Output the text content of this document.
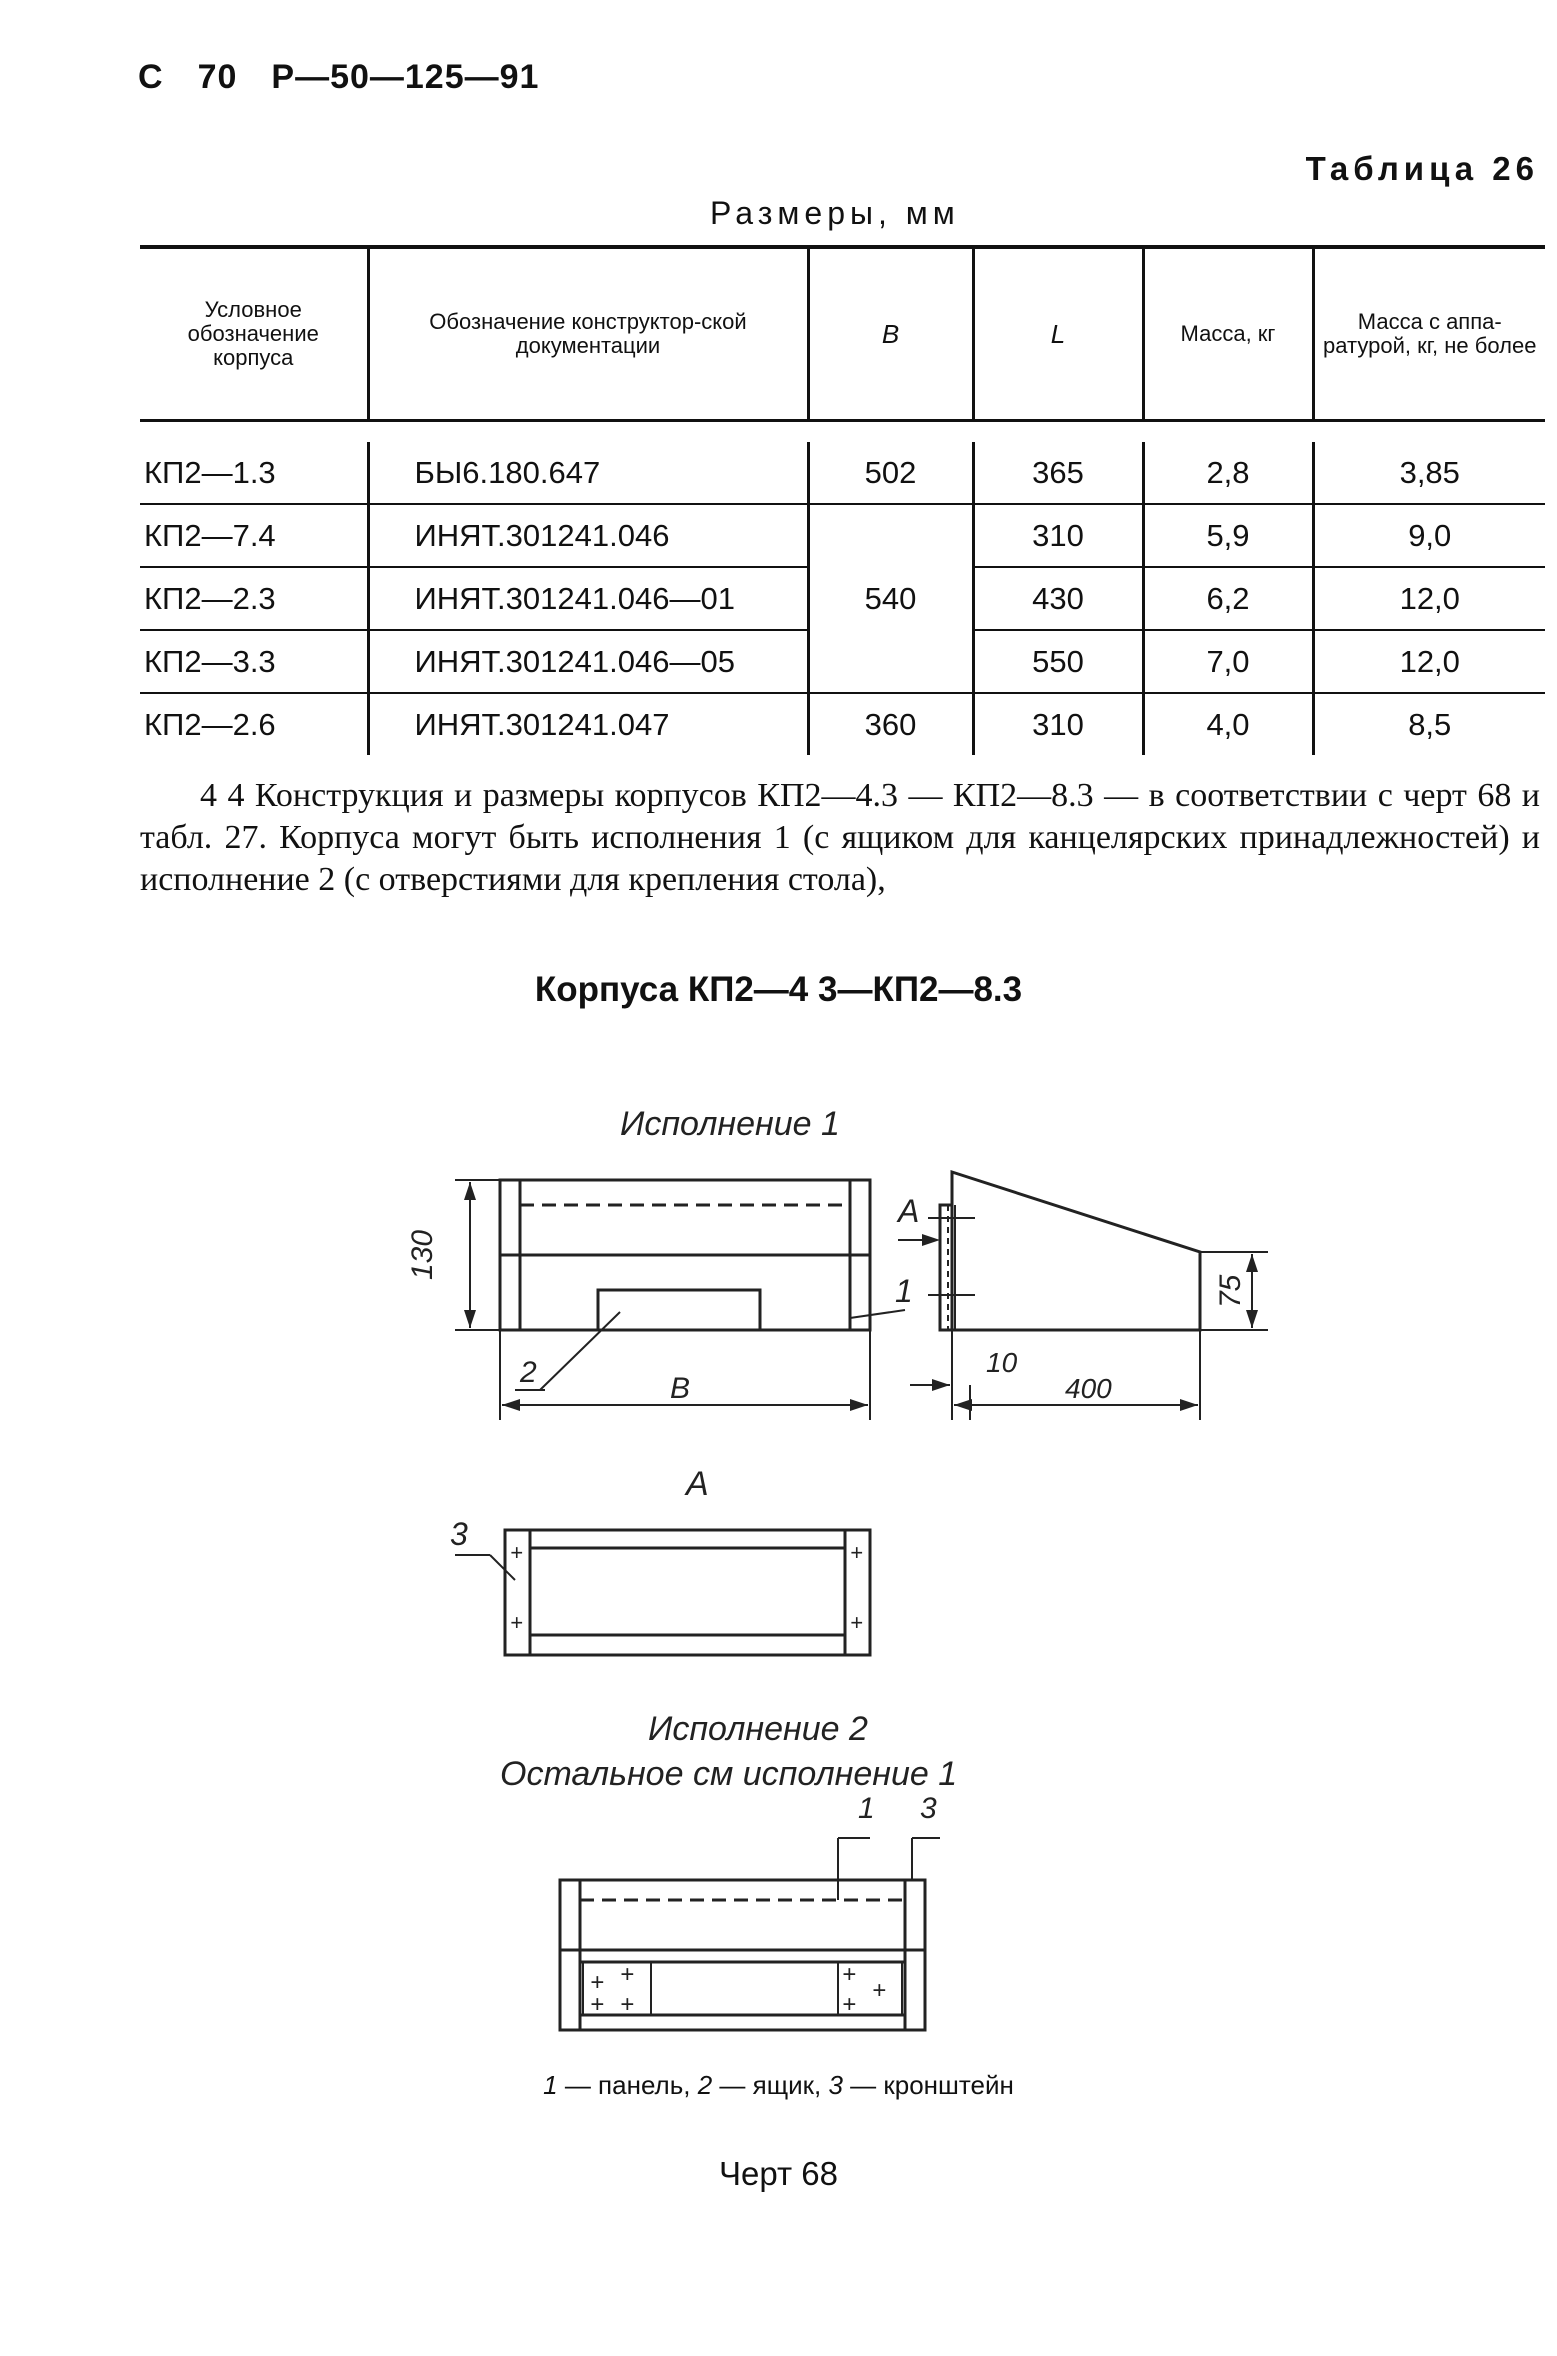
С 70 Р—50—125—91
Таблица 26
Размеры, мм
Условное обозначение корпуса	Обозначение конструктор-ской документации	B	L	Масса, кг	Масса с аппа-ратурой, кг, не более

КП2—1.3	БЫ6.180.647	502	365	2,8	3,85
КП2—7.4	ИНЯТ.301241.046	540	310	5,9	9,0
КП2—2.3	ИНЯТ.301241.046—01		430	6,2	12,0
КП2—3.3	ИНЯТ.301241.046—05		550	7,0	12,0
КП2—2.6	ИНЯТ.301241.047	360	310	4,0	8,5
4 4 Конструкция и размеры корпусов КП2—4.3 — КП2—8.3 — в соответствии с черт 68 и табл. 27. Корпуса могут быть исполнения 1 (с ящиком для канцелярских принадлежностей) и исполнение 2 (с отверстиями для крепления стола),
Корпуса КП2—4 3—КП2—8.3
Исполнение 1
130
В
2
А
1	75
10
400
А
+
+
+
+
3
Исполнение 2
Остальное см исполнение 1
1 3
+ +
+ +
+
+
+
1 — панель, 2 — ящик, 3 — кронштейн
Черт 68
